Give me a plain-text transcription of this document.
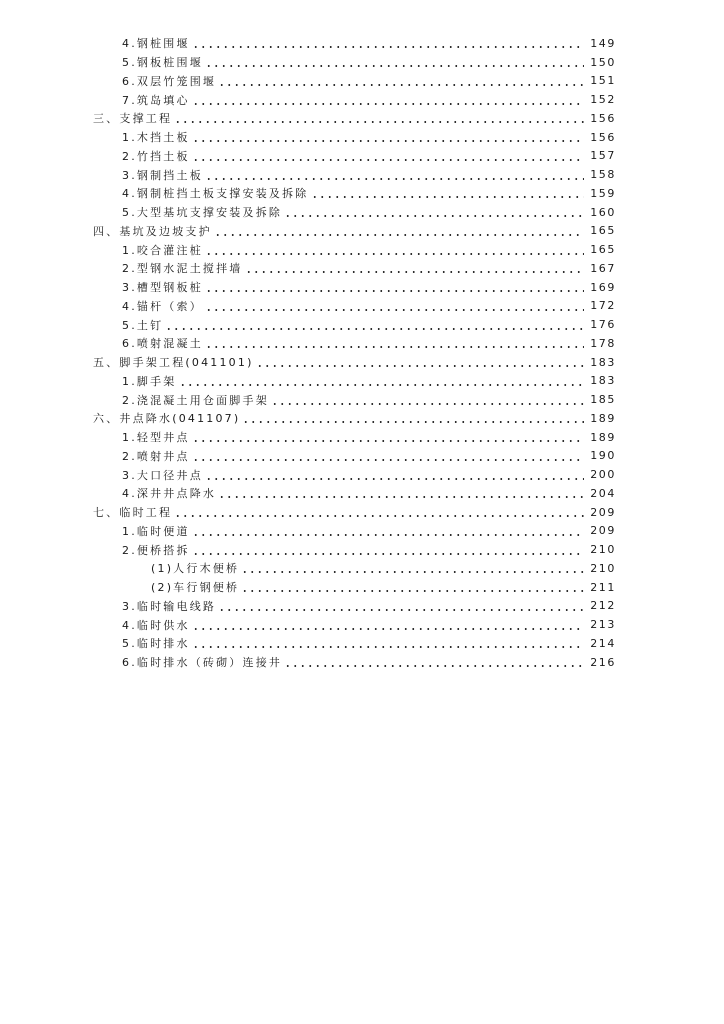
4.钢桩围堰	149
5.钢板桩围堰	150
6.双层竹笼围堰	151
7.筑岛填心	152
三、支撑工程	156
1.木挡土板	156
2.竹挡土板	157
3.钢制挡土板	158
4.钢制桩挡土板支撑安装及拆除	159
5.大型基坑支撑安装及拆除	160
四、基坑及边坡支护	165
1.咬合灌注桩	165
2.型钢水泥土搅拌墙	167
3.槽型钢板桩	169
4.锚杆（索）	172
5.土钉	176
6.喷射混凝土	178
五、脚手架工程(041101)	183
1.脚手架	183
2.浇混凝土用仓面脚手架	185
六、井点降水(041107)	189
1.轻型井点	189
2.喷射井点	190
3.大口径井点	200
4.深井井点降水	204
七、临时工程	209
1.临时便道	209
2.便桥搭拆	210
(1)人行木便桥	210
(2)车行钢便桥	211
3.临时输电线路	212
4.临时供水	213
5.临时排水	214
6.临时排水（砖砌）连接井	216
